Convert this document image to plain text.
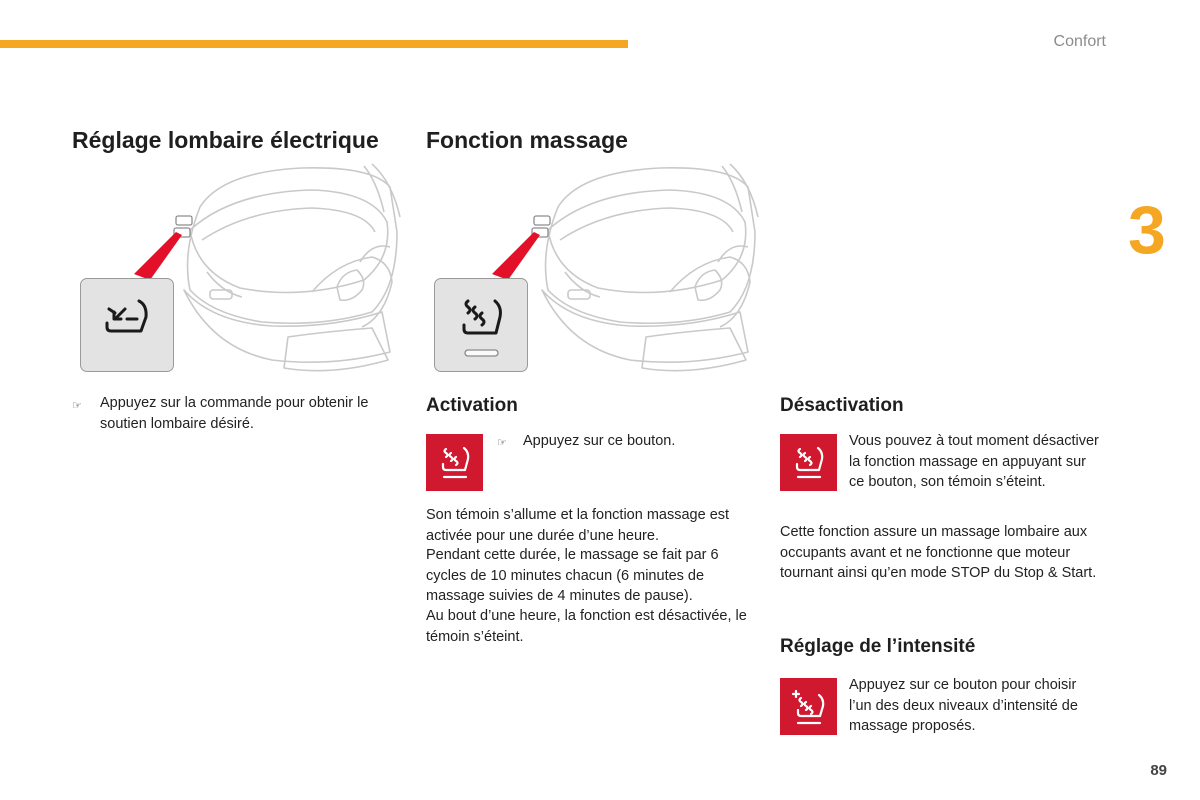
Confort
3
Réglage lombaire électrique
☞ Appuyez sur la commande pour obtenir le soutien lombaire désiré.
Fonction massage
Activation
☞ Appuyez sur ce bouton.
Son témoin s’allume et la fonction massage est activée pour une durée d’une heure.
Pendant cette durée, le massage se fait par 6 cycles de 10 minutes chacun (6 minutes de massage suivies de 4 minutes de pause).
Au bout d’une heure, la fonction est désactivée, le témoin s’éteint.
Désactivation
Vous pouvez à tout moment désactiver la fonction massage en appuyant sur ce bouton, son témoin s’éteint.
Cette fonction assure un massage lombaire aux occupants avant et ne fonctionne que moteur tournant ainsi qu’en mode STOP du Stop & Start.
Réglage de l’intensité
Appuyez sur ce bouton pour choisir l’un des deux niveaux d’intensité de massage proposés.
89
